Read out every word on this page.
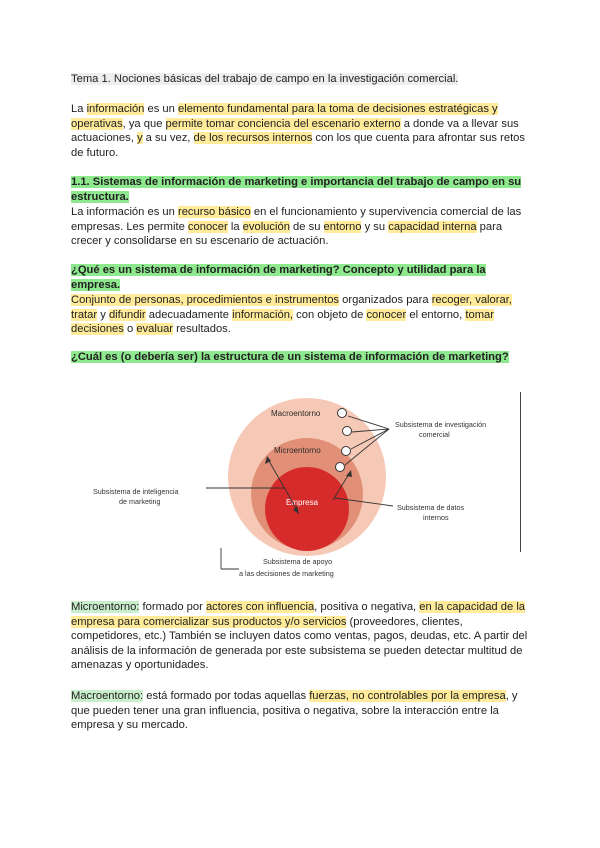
Tema 1. Nociones básicas del trabajo de campo en la investigación comercial.

La información es un elemento fundamental para la toma de decisiones estratégicas y operativas, ya que permite tomar conciencia del escenario externo a donde va a llevar sus actuaciones, y a su vez, de los recursos internos con los que cuenta para afrontar sus retos de futuro.

1.1. Sistemas de información de marketing e importancia del trabajo de campo en su estructura.

La información es un recurso básico en el funcionamiento y supervivencia comercial de las empresas. Les permite conocer la evolución de su entorno y su capacidad interna para crecer y consolidarse en su escenario de actuación.

¿Qué es un sistema de información de marketing? Concepto y utilidad para la empresa.

Conjunto de personas, procedimientos e instrumentos organizados para recoger, valorar, tratar y difundir adecuadamente información, con objeto de conocer el entorno, tomar decisiones o evaluar resultados.

¿Cuál es (o debería ser) la estructura de un sistema de información de marketing?

Macroentorno
Microentorno
Empresa
Subsistema de investigación comercial
Subsistema de inteligencia de marketing
Subsistema de datos internos
Subsistema de apoyo a las decisiones de marketing

Microentorno: formado por actores con influencia, positiva o negativa, en la capacidad de la empresa para comercializar sus productos y/o servicios (proveedores, clientes, competidores, etc.) También se incluyen datos como ventas, pagos, deudas, etc. A partir del análisis de la información de generada por este subsistema se pueden detectar multitud de amenazas y oportunidades.

Macroentorno: está formado por todas aquellas fuerzas, no controlables por la empresa, y que pueden tener una gran influencia, positiva o negativa, sobre la interacción entre la empresa y su mercado.
